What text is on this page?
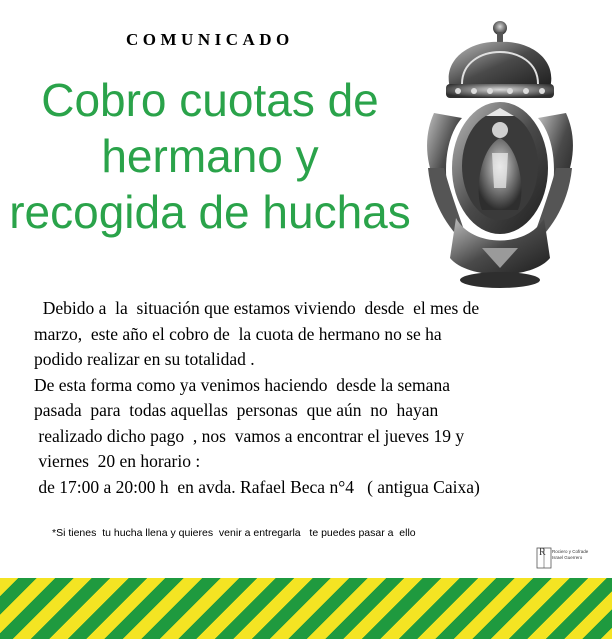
COMUNICADO
Cobro cuotas de
hermano y
recogida de huchas
Debido a  la  situación que estamos viviendo  desde  el mes de
marzo,  este año el cobro de  la cuota de hermano no se ha
podido realizar en su totalidad .
De esta forma como ya venimos haciendo  desde la semana
pasada  para  todas aquellas  personas  que aún  no  hayan
realizado dicho pago  , nos  vamos a encontrar el jueves 19 y
viernes  20 en horario :
de 17:00 a 20:00 h  en avda. Rafael Beca n°4   ( antigua Caixa)
*Si tienes  tu hucha llena y quieres  venir a entregarla   te puedes pasar a  ello
R Rociero y Cofrade
Israel Guerrero
